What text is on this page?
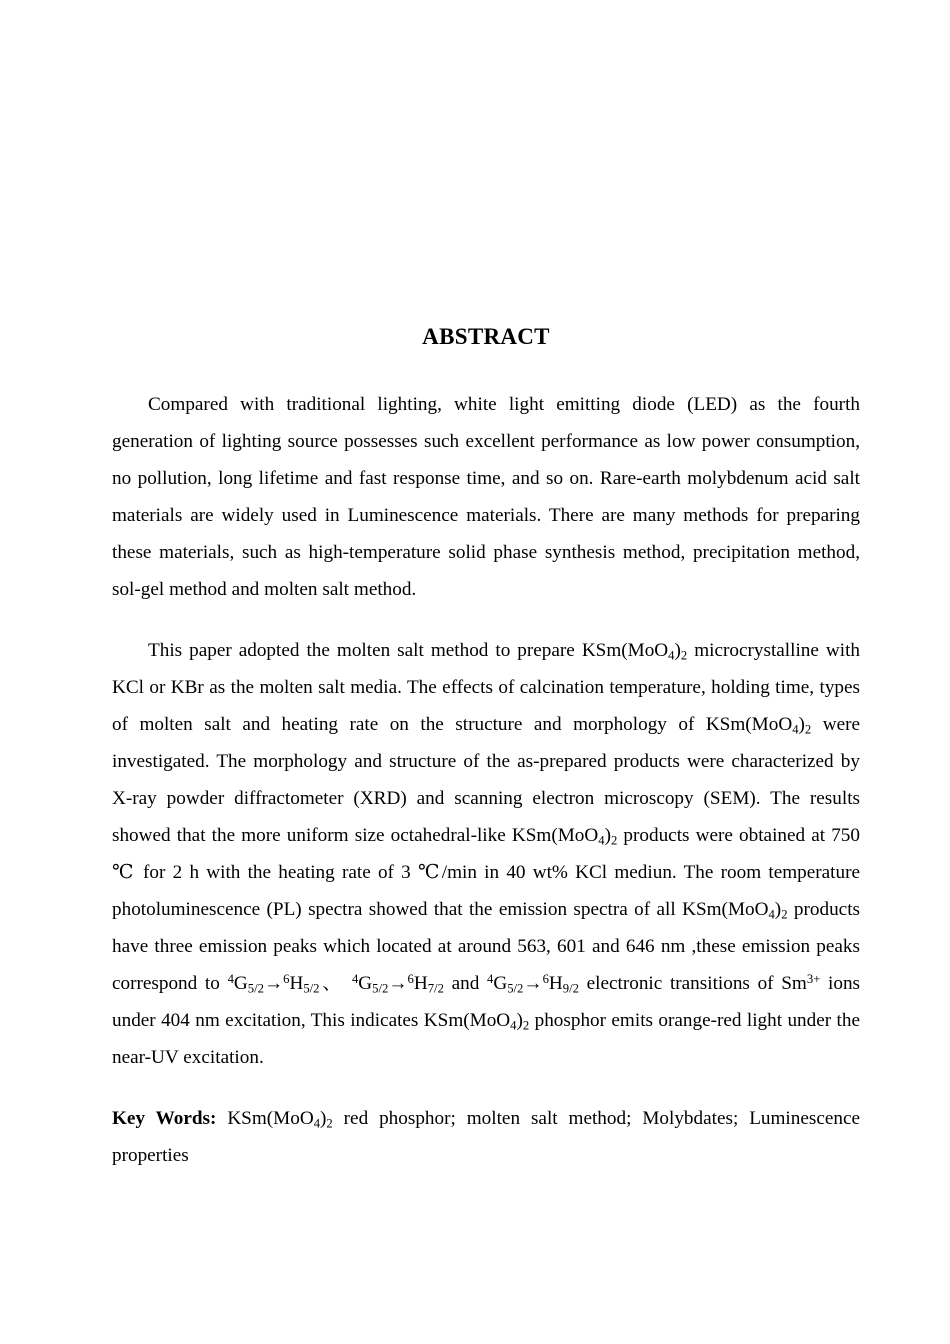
ABSTRACT

Compared with traditional lighting, white light emitting diode (LED) as the fourth generation of lighting source possesses such excellent performance as low power consumption, no pollution, long lifetime and fast response time, and so on. Rare-earth molybdenum acid salt materials are widely used in Luminescence materials. There are many methods for preparing these materials, such as high-temperature solid phase synthesis method, precipitation method, sol-gel method and molten salt method.

This paper adopted the molten salt method to prepare $KSm(MoO_4)_2$ microcrystalline with KCl or KBr as the molten salt media. The effects of calcination temperature, holding time, types of molten salt and heating rate on the structure and morphology of $KSm(MoO_4)_2$ were investigated. The morphology and structure of the as-prepared products were characterized by X-ray powder diffractometer (XRD) and scanning electron microscopy (SEM). The results showed that the more uniform size octahedral-like $KSm(MoO_4)_2$ products were obtained at 750 ℃ for 2 h with the heating rate of 3 ℃/min in 40 wt% KCl mediun. The room temperature photoluminescence (PL) spectra showed that the emission spectra of all $KSm(MoO_4)_2$ products have three emission peaks which located at around 563, 601 and 646 nm ,these emission peaks correspond to $^4G_{5/2}\to^6H_{5/2}$、 $^4G_{5/2}\to^6H_{7/2}$ and $^4G_{5/2}\to^6H_{9/2}$ electronic transitions of $Sm^{3+}$ ions under 404 nm excitation, This indicates $KSm(MoO_4)_2$ phosphor emits orange-red light under the near-UV excitation.

Key Words: $KSm(MoO_4)_2$ red phosphor; molten salt method; Molybdates; Luminescence properties
